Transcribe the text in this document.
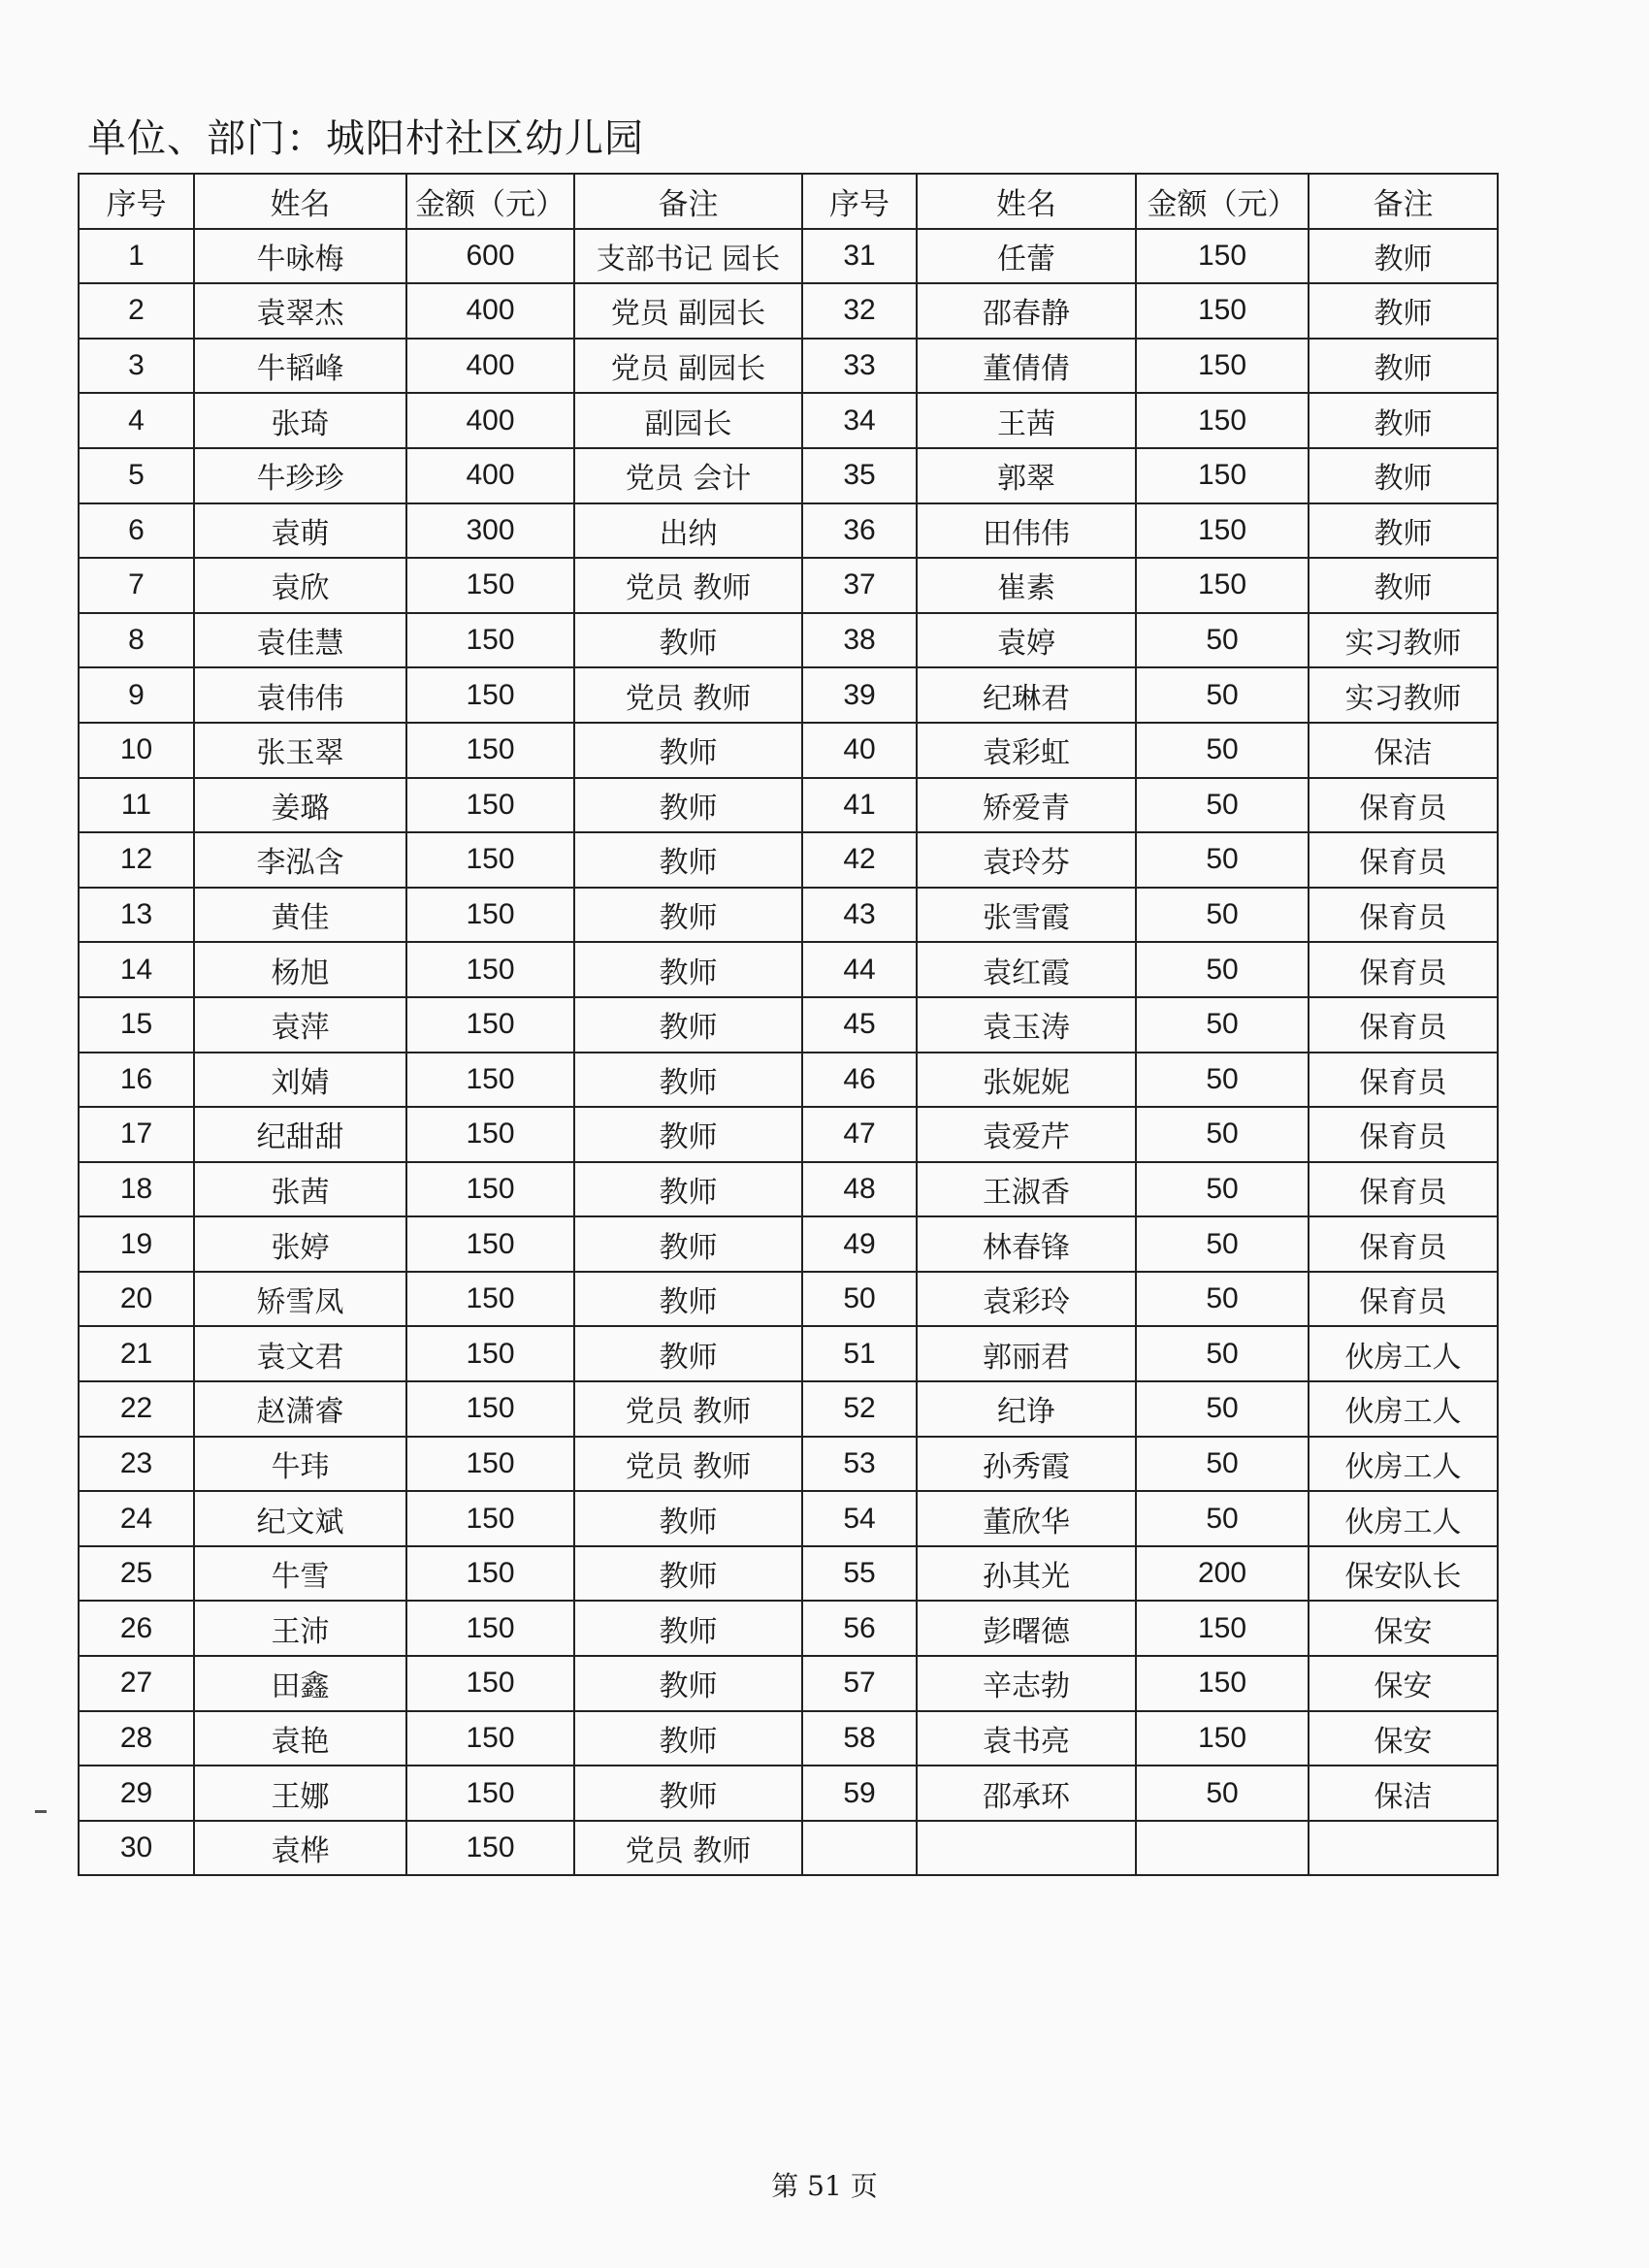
单位、部门：城阳村社区幼儿园
序号	姓名	金额（元）	备注	序号	姓名	金额（元）	备注
1	牛咏梅	600	支部书记 园长	31	任蕾	150	教师
2	袁翠杰	400	党员 副园长	32	邵春静	150	教师
3	牛韬峰	400	党员 副园长	33	董倩倩	150	教师
4	张琦	400	副园长	34	王茜	150	教师
5	牛珍珍	400	党员 会计	35	郭翠	150	教师
6	袁萌	300	出纳	36	田伟伟	150	教师
7	袁欣	150	党员 教师	37	崔素	150	教师
8	袁佳慧	150	教师	38	袁婷	50	实习教师
9	袁伟伟	150	党员 教师	39	纪琳君	50	实习教师
10	张玉翠	150	教师	40	袁彩虹	50	保洁
11	姜璐	150	教师	41	矫爱青	50	保育员
12	李泓含	150	教师	42	袁玲芬	50	保育员
13	黄佳	150	教师	43	张雪霞	50	保育员
14	杨旭	150	教师	44	袁红霞	50	保育员
15	袁萍	150	教师	45	袁玉涛	50	保育员
16	刘婧	150	教师	46	张妮妮	50	保育员
17	纪甜甜	150	教师	47	袁爱芹	50	保育员
18	张茜	150	教师	48	王淑香	50	保育员
19	张婷	150	教师	49	林春锋	50	保育员
20	矫雪凤	150	教师	50	袁彩玲	50	保育员
21	袁文君	150	教师	51	郭丽君	50	伙房工人
22	赵潇睿	150	党员 教师	52	纪诤	50	伙房工人
23	牛玮	150	党员 教师	53	孙秀霞	50	伙房工人
24	纪文斌	150	教师	54	董欣华	50	伙房工人
25	牛雪	150	教师	55	孙其光	200	保安队长
26	王沛	150	教师	56	彭曙德	150	保安
27	田鑫	150	教师	57	辛志勃	150	保安
28	袁艳	150	教师	58	袁书亮	150	保安
29	王娜	150	教师	59	邵承环	50	保洁
30	袁桦	150	党员 教师				
第 51 页
